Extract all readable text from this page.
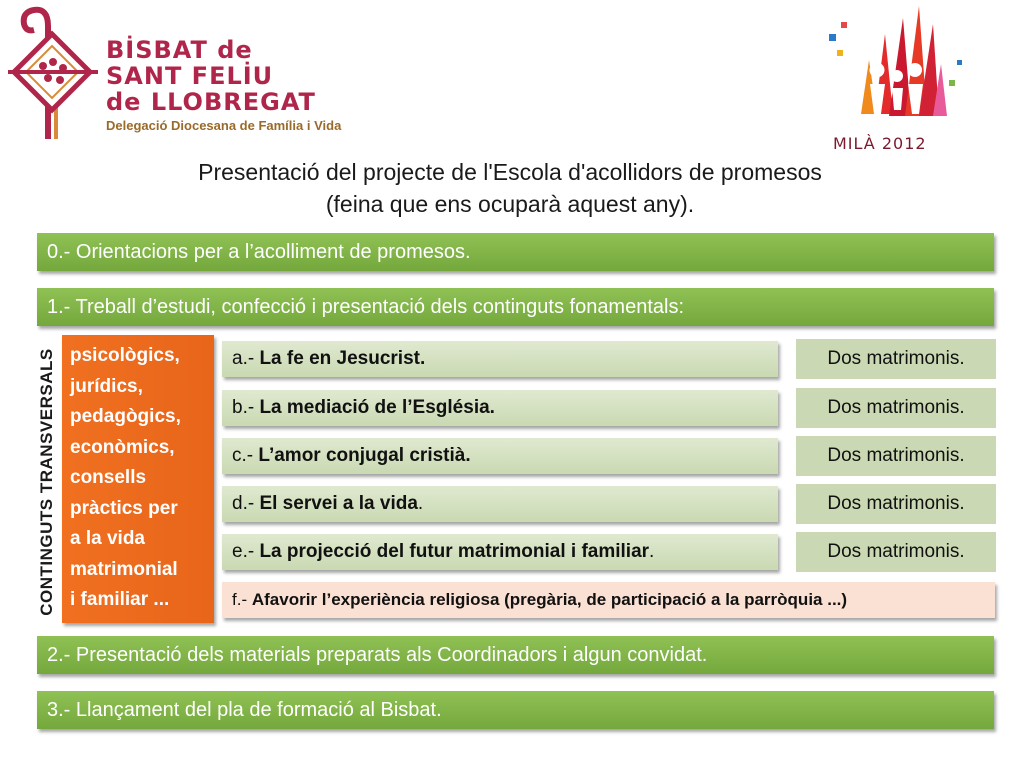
BİSBAT de
SANT FELİU
de LLOBREGAT
Delegació Diocesana de Família i Vida
MILÀ 2012
Presentació del projecte de l'Escola d'acollidors de promesos
(feina que ens ocuparà aquest any).
0.- Orientacions per a l’acolliment de promesos.
1.- Treball d’estudi, confecció i presentació dels continguts fonamentals:
2.- Presentació dels materials preparats als Coordinadors i algun convidat.
3.- Llançament del pla de formació al Bisbat.
CONTINGUTS TRANSVERSALS psicològics,
jurídics,
pedagògics,
econòmics,
consells
pràctics per
a la vida
matrimonial
i familiar ...
a.- La fe en Jesucrist.	Dos matrimonis.
b.- La mediació de l’Església.	Dos matrimonis.
c.- L’amor conjugal cristià.	Dos matrimonis.
d.- El servei a la vida.	Dos matrimonis.
e.- La projecció del futur matrimonial i familiar.	Dos matrimonis.
f.- Afavorir l’experiència religiosa (pregària, de participació a la parròquia ...)
